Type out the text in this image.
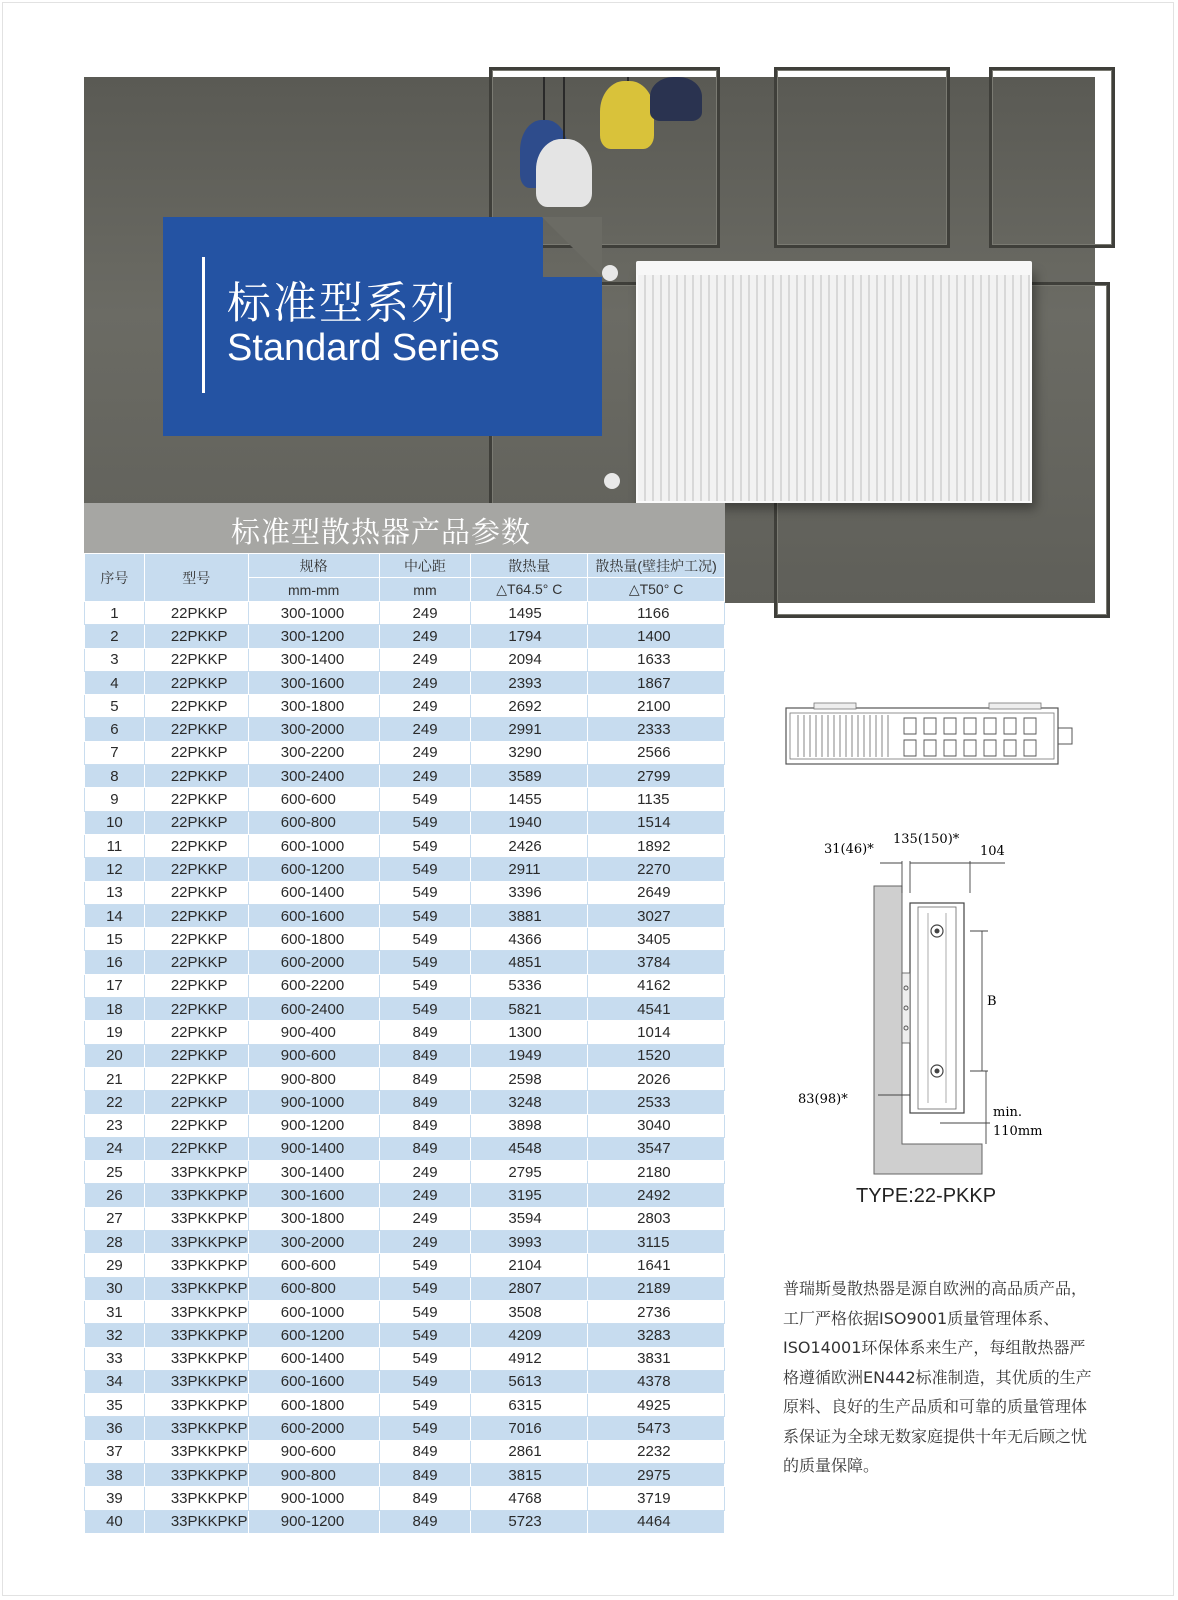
标准型系列
Standard Series
标准型散热器产品参数
序号	型号	规格	中心距	散热量	散热量(壁挂炉工况)
		mm-mm	mm	△T64.5° C	△T50° C
1	22PKKP	300-1000	249	1495	1166
2	22PKKP	300-1200	249	1794	1400
3	22PKKP	300-1400	249	2094	1633
4	22PKKP	300-1600	249	2393	1867
5	22PKKP	300-1800	249	2692	2100
6	22PKKP	300-2000	249	2991	2333
7	22PKKP	300-2200	249	3290	2566
8	22PKKP	300-2400	249	3589	2799
9	22PKKP	600-600	549	1455	1135
10	22PKKP	600-800	549	1940	1514
11	22PKKP	600-1000	549	2426	1892
12	22PKKP	600-1200	549	2911	2270
13	22PKKP	600-1400	549	3396	2649
14	22PKKP	600-1600	549	3881	3027
15	22PKKP	600-1800	549	4366	3405
16	22PKKP	600-2000	549	4851	3784
17	22PKKP	600-2200	549	5336	4162
18	22PKKP	600-2400	549	5821	4541
19	22PKKP	900-400	849	1300	1014
20	22PKKP	900-600	849	1949	1520
21	22PKKP	900-800	849	2598	2026
22	22PKKP	900-1000	849	3248	2533
23	22PKKP	900-1200	849	3898	3040
24	22PKKP	900-1400	849	4548	3547
25	33PKKPKP	300-1400	249	2795	2180
26	33PKKPKP	300-1600	249	3195	2492
27	33PKKPKP	300-1800	249	3594	2803
28	33PKKPKP	300-2000	249	3993	3115
29	33PKKPKP	600-600	549	2104	1641
30	33PKKPKP	600-800	549	2807	2189
31	33PKKPKP	600-1000	549	3508	2736
32	33PKKPKP	600-1200	549	4209	3283
33	33PKKPKP	600-1400	549	4912	3831
34	33PKKPKP	600-1600	549	5613	4378
35	33PKKPKP	600-1800	549	6315	4925
36	33PKKPKP	600-2000	549	7016	5473
37	33PKKPKP	900-600	849	2861	2232
38	33PKKPKP	900-800	849	3815	2975
39	33PKKPKP	900-1000	849	4768	3719
40	33PKKPKP	900-1200	849	5723	4464
135(150)*
31(46)*	104
B
83(98)*
min.
110mm
TYPE:22-PKKP

普瑞斯曼散热器是源自欧洲的高品质产品，工厂严格依据ISO9001质量管理体系、ISO14001环保体系来生产，每组散热器严格遵循欧洲EN442标准制造，其优质的生产原料、良好的生产品质和可靠的质量管理体系保证为全球无数家庭提供十年无后顾之忧的质量保障。
